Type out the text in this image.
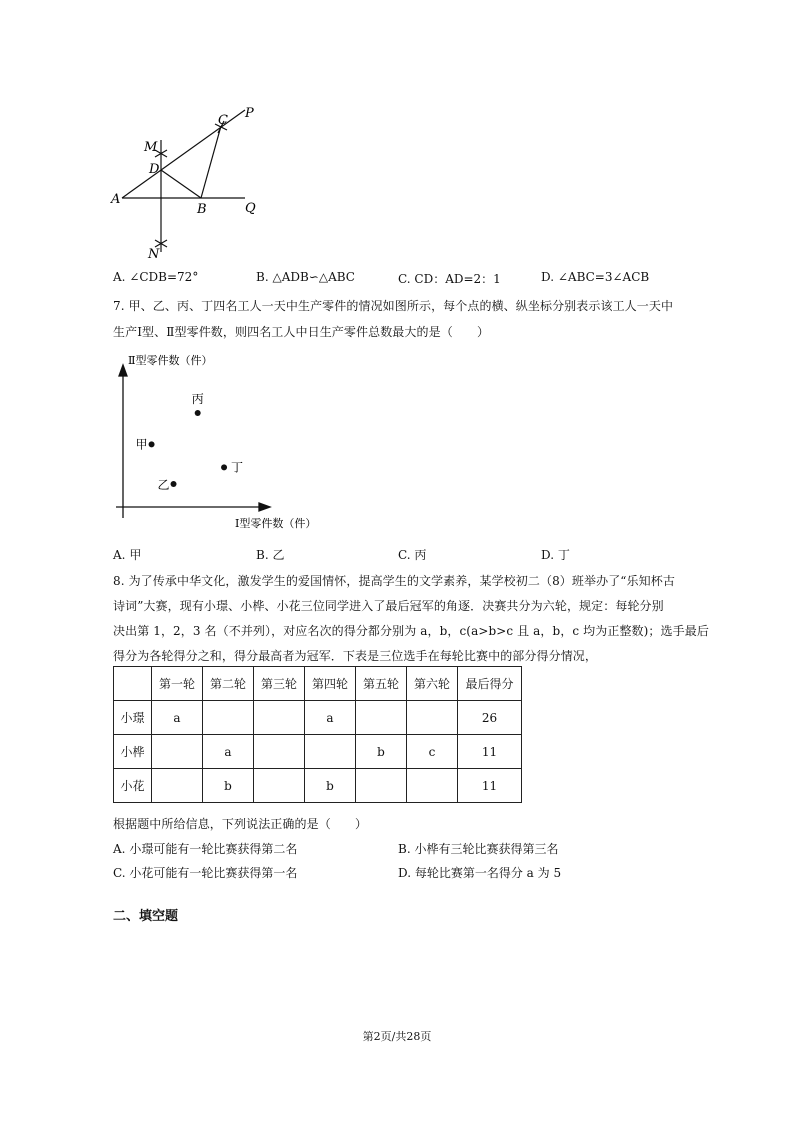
P
C
M
D
A
B	Q
N
A. ∠CDB=72°	B. △ADB∽△ABC	C. CD：AD=2：1	D. ∠ABC=3∠ACB
7. 甲、乙、丙、丁四名工人一天中生产零件的情况如图所示，每个点的横、纵坐标分别表示该工人一天中
生产Ⅰ型、Ⅱ型零件数，则四名工人中日生产零件总数最大的是（　　）
Ⅱ型零件数（件）
Ⅰ型零件数（件）
甲
乙
丙
丁
A. 甲	B. 乙	C. 丙	D. 丁
8. 为了传承中华文化，激发学生的爱国情怀，提高学生的文学素养，某学校初二（8）班举办了“乐知杯古
诗词”大赛，现有小璟、小桦、小花三位同学进入了最后冠军的角逐．决赛共分为六轮，规定：每轮分别
决出第 1，2，3 名（不并列），对应名次的得分都分别为 a，b，c(a>b>c 且 a，b，c 均为正整数)；选手最后
得分为各轮得分之和，得分最高者为冠军．下表是三位选手在每轮比赛中的部分得分情况，
	第一轮	第二轮	第三轮	第四轮	第五轮	第六轮	最后得分
小璟	a			a			26
小桦		a			b	c	11
小花		b		b			11
根据题中所给信息，下列说法正确的是（　　）
A. 小璟可能有一轮比赛获得第二名	B. 小桦有三轮比赛获得第三名
C. 小花可能有一轮比赛获得第一名	D. 每轮比赛第一名得分 a 为 5
二、填空题
第2页/共28页
